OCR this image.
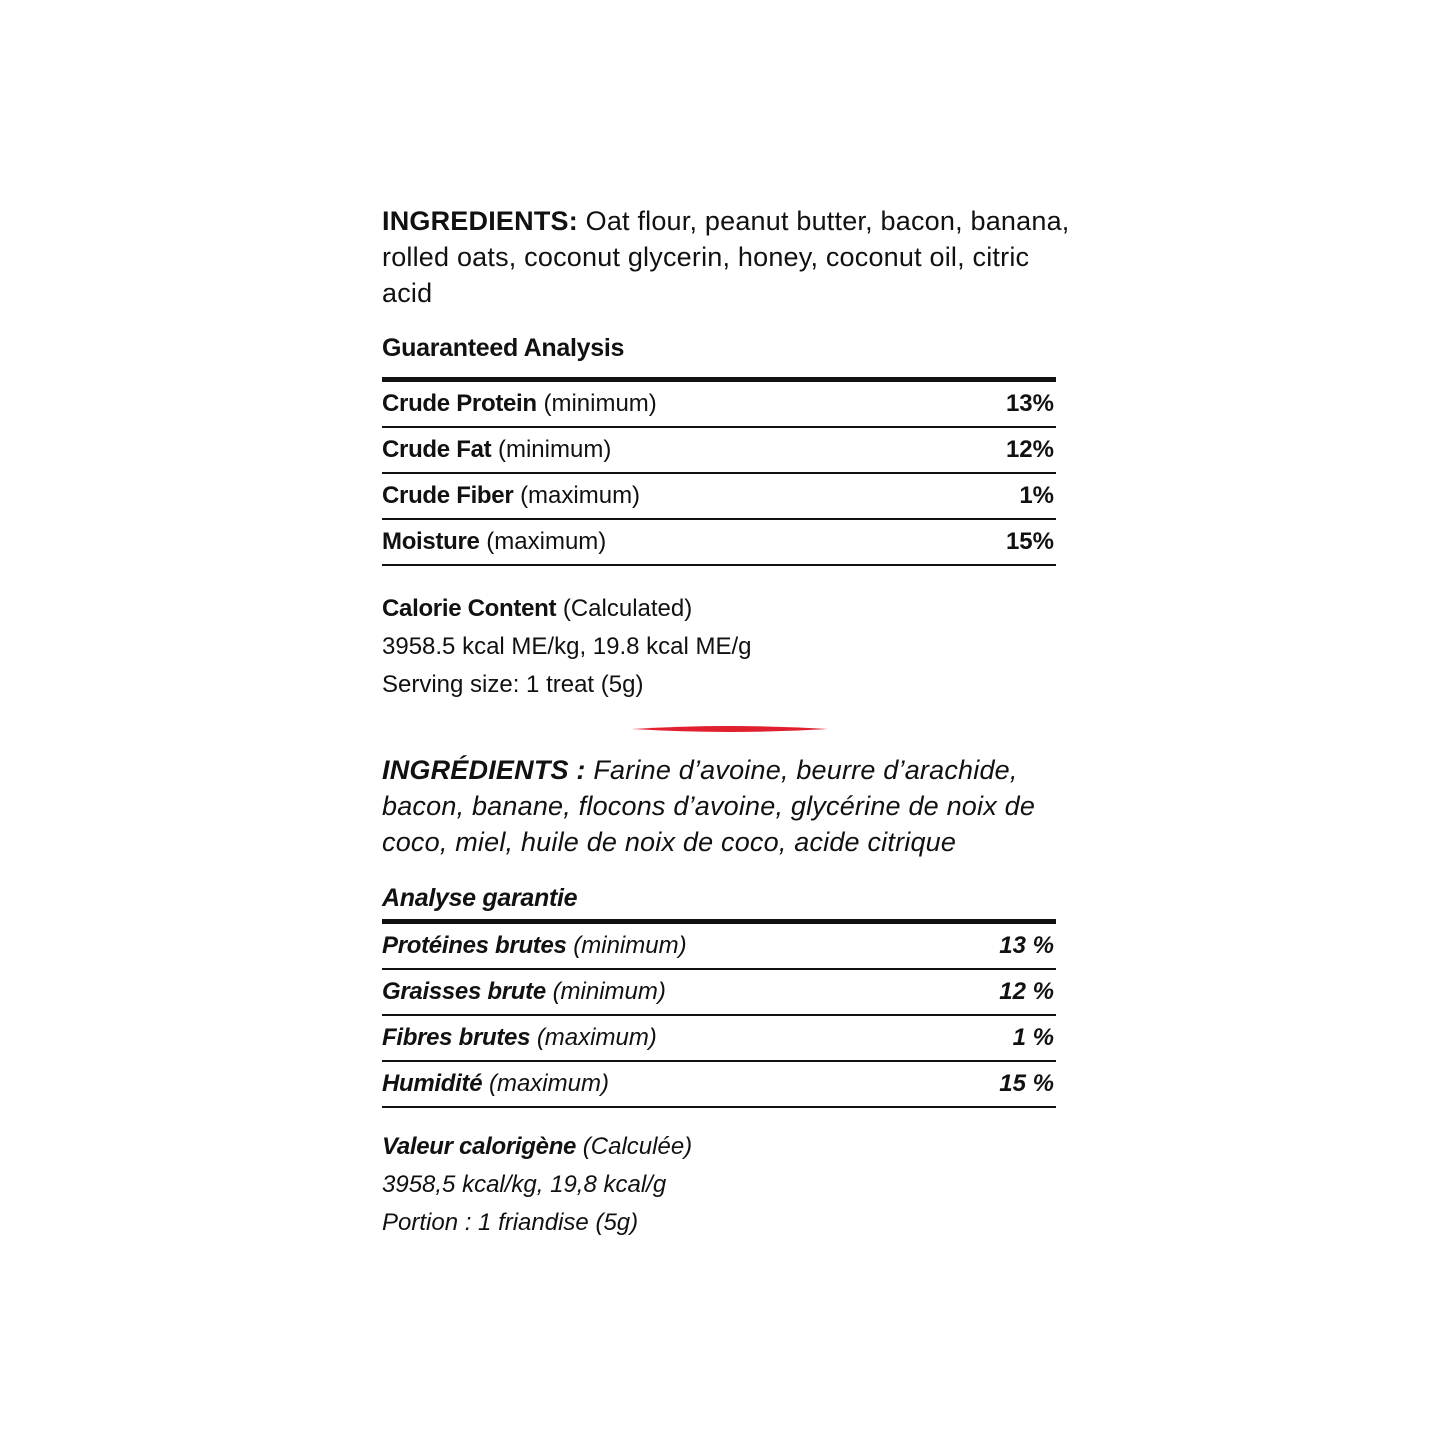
INGREDIENTS: Oat flour, peanut butter, bacon, banana, rolled oats, coconut glycerin, honey, coconut oil, citric acid

Guaranteed Analysis

Crude Protein (minimum)	13%
Crude Fat (minimum)	12%
Crude Fiber (maximum)	1%
Moisture (maximum)	15%

Calorie Content (Calculated)

3958.5 kcal ME/kg, 19.8 kcal ME/g

Serving size: 1 treat (5g)

INGRÉDIENTS : Farine d’avoine, beurre d’arachide, bacon, banane, flocons d’avoine, glycérine de noix de coco, miel, huile de noix de coco, acide citrique

Analyse garantie

Protéines brutes (minimum)	13 %
Graisses brute (minimum)	12 %
Fibres brutes (maximum)	1 %
Humidité (maximum)	15 %

Valeur calorigène (Calculée)

3958,5 kcal/kg, 19,8 kcal/g

Portion : 1 friandise (5g)
